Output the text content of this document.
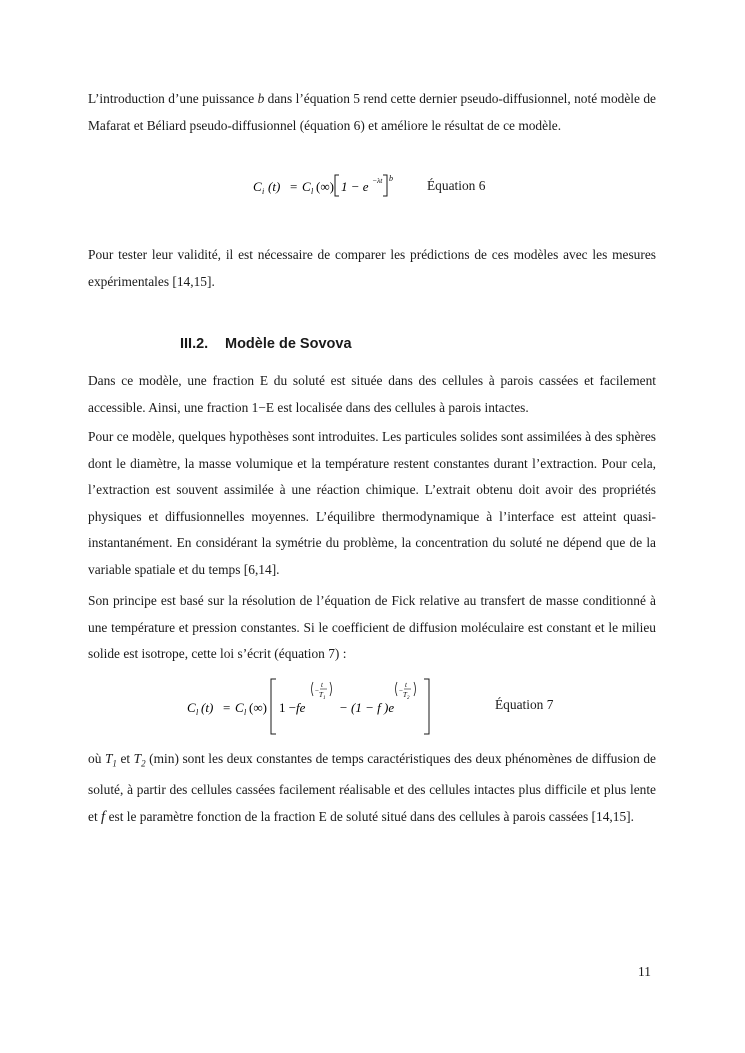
L’introduction d’une puissance b dans l’équation 5 rend cette dernier pseudo-diffusionnel, noté modèle de Mafarat et Béliard pseudo-diffusionnel (équation 6) et améliore le résultat de ce modèle.

C i (t) = C l (∞) 1 − e −λt b	Équation 6

Pour tester leur validité, il est nécessaire de comparer les prédictions de ces modèles avec les mesures expérimentales [14,15].

III.2. Modèle de Sovova

Dans ce modèle, une fraction E du soluté est située dans des cellules à parois cassées et facilement accessible. Ainsi, une fraction 1−E est localisée dans des cellules à parois intactes.

Pour ce modèle, quelques hypothèses sont introduites. Les particules solides sont assimilées à des sphères dont le diamètre, la masse volumique et la température restent constantes durant l’extraction. Pour cela, l’extraction est souvent assimilée à une réaction chimique. L’extrait obtenu doit avoir des propriétés physiques et diffusionnelles moyennes. L’équilibre thermodynamique à l’interface est atteint quasi-instantanément. En considérant la symétrie du problème, la concentration du soluté ne dépend que de la variable spatiale et du temps [6,14].

Son principe est basé sur la résolution de l’équation de Fick relative au transfert de masse conditionné à une température et pression constantes. Si le coefficient de diffusion moléculaire est constant et le milieu solide est isotrope, cette loi s’écrit (équation 7) :

C l (t) = C l (∞) 1 − fe
−
t
T 1
− (1 − f )e
−
t
T 2	Équation 7

où $T_1$ et $T_2$ (min) sont les deux constantes de temps caractéristiques des deux phénomènes de diffusion de soluté, à partir des cellules cassées facilement réalisable et des cellules intactes plus difficile et plus lente et f est le paramètre fonction de la fraction E de soluté situé dans des cellules à parois cassées [14,15].

11
